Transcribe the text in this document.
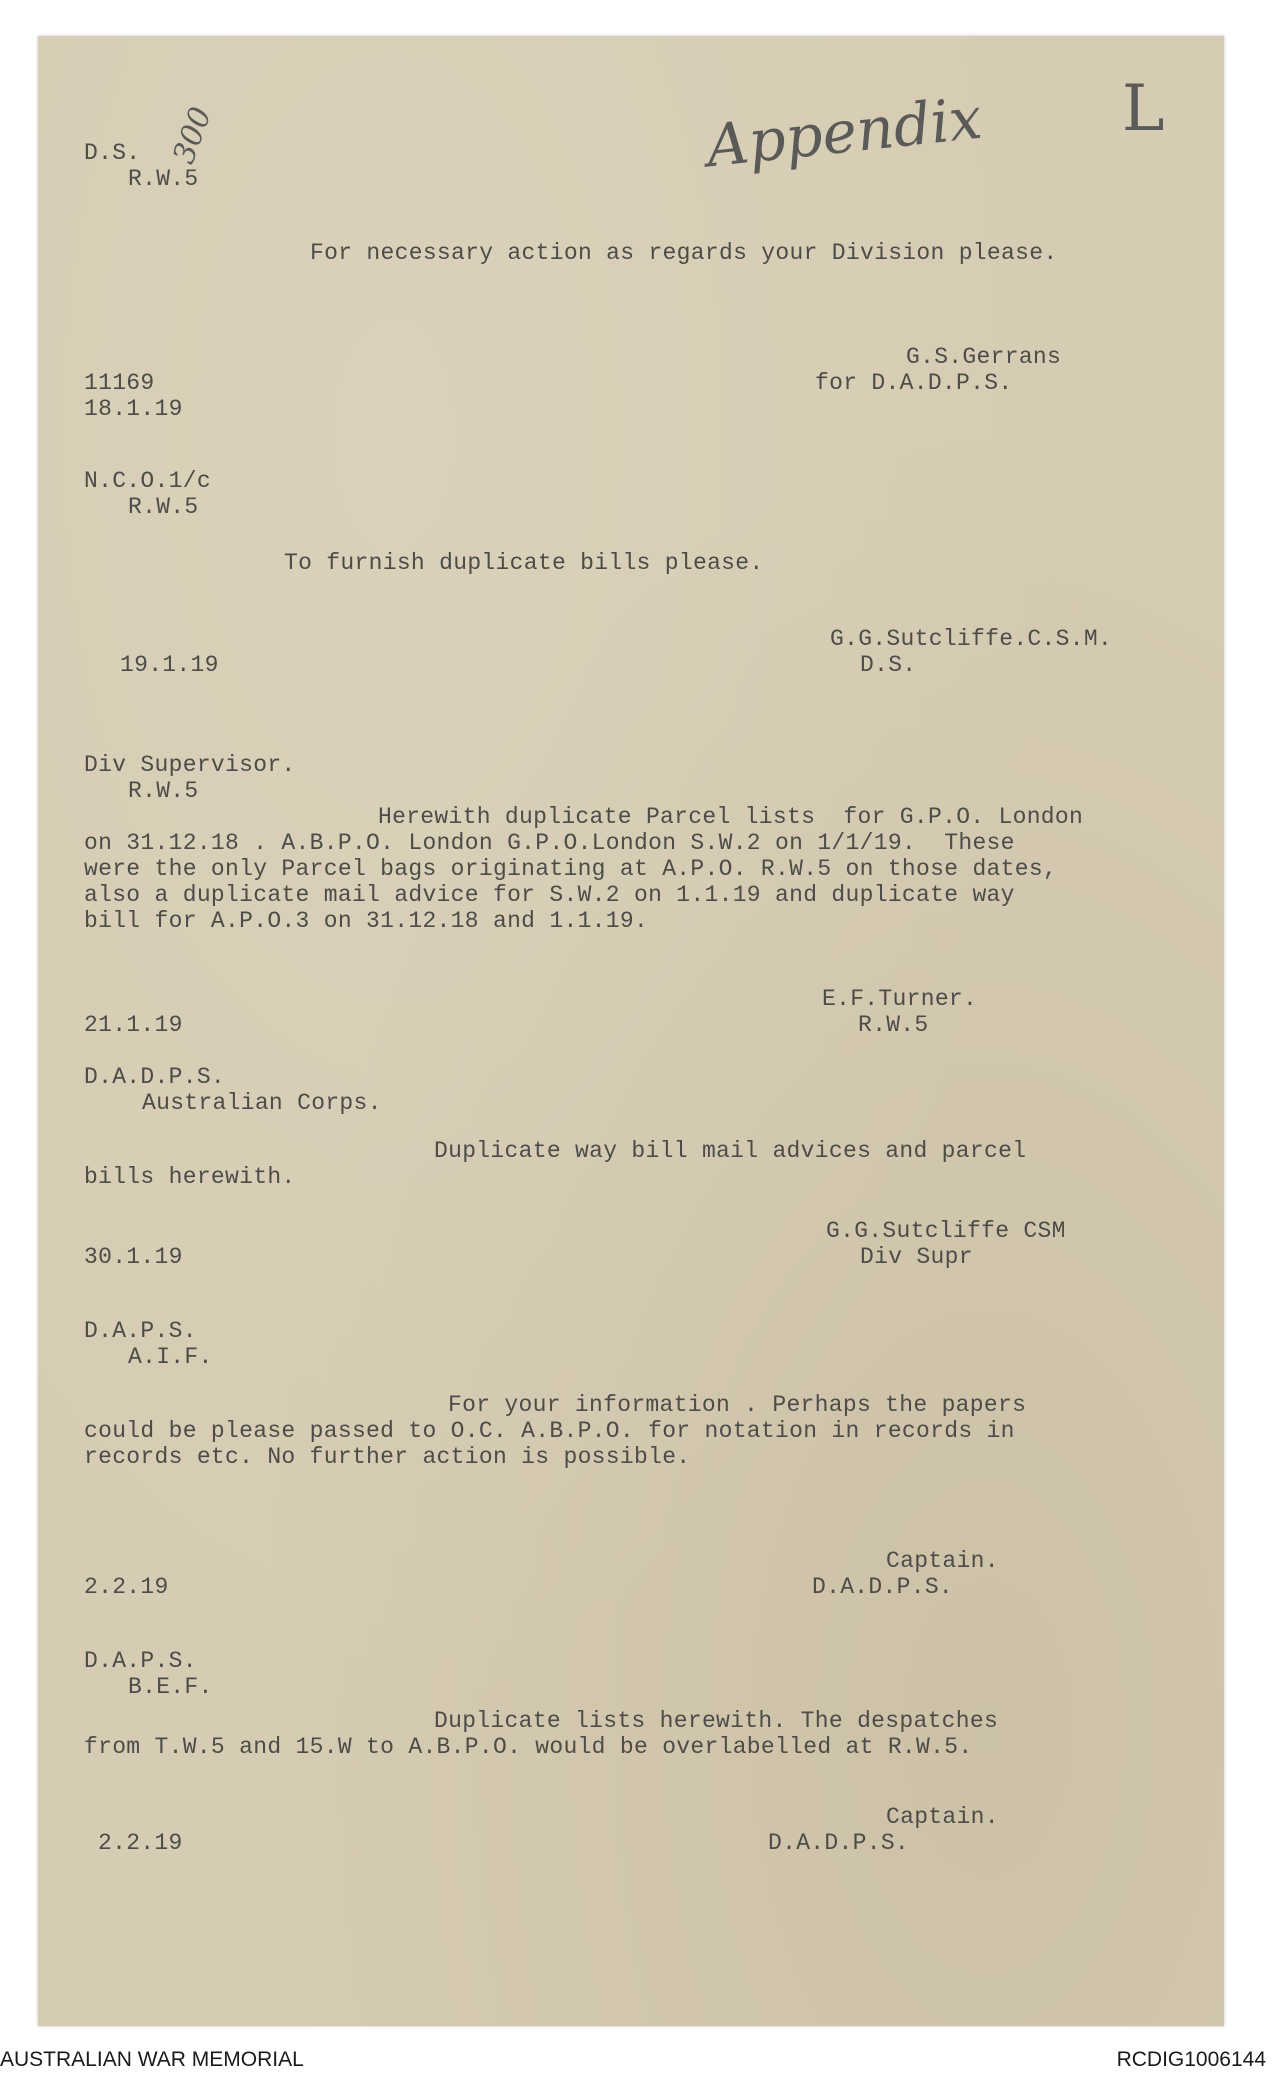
Appendix L
300
D.S.
R.W.5
For necessary action as regards your Division please.
G.S.Gerrans
11169	for D.A.D.P.S.
18.1.19
N.C.O.1/c
R.W.5
To furnish duplicate bills please.
G.G.Sutcliffe.C.S.M.
19.1.19	D.S.
Div Supervisor.
R.W.5
Herewith duplicate Parcel lists  for G.P.O. London
on 31.12.18 . A.B.P.O. London G.P.O.London S.W.2 on 1/1/19.  These
were the only Parcel bags originating at A.P.O. R.W.5 on those dates,
also a duplicate mail advice for S.W.2 on 1.1.19 and duplicate way
bill for A.P.O.3 on 31.12.18 and 1.1.19.
E.F.Turner.
21.1.19	R.W.5
D.A.D.P.S.
Australian Corps.
Duplicate way bill mail advices and parcel
bills herewith.
G.G.Sutcliffe CSM
30.1.19	Div Supr
D.A.P.S.
A.I.F.
For your information . Perhaps the papers
could be please passed to O.C. A.B.P.O. for notation in records in
records etc. No further action is possible.
Captain.
2.2.19	D.A.D.P.S.
D.A.P.S.
B.E.F.
Duplicate lists herewith. The despatches
from T.W.5 and 15.W to A.B.P.O. would be overlabelled at R.W.5.
Captain.
2.2.19	D.A.D.P.S.
AUSTRALIAN WAR MEMORIAL	RCDIG1006144
